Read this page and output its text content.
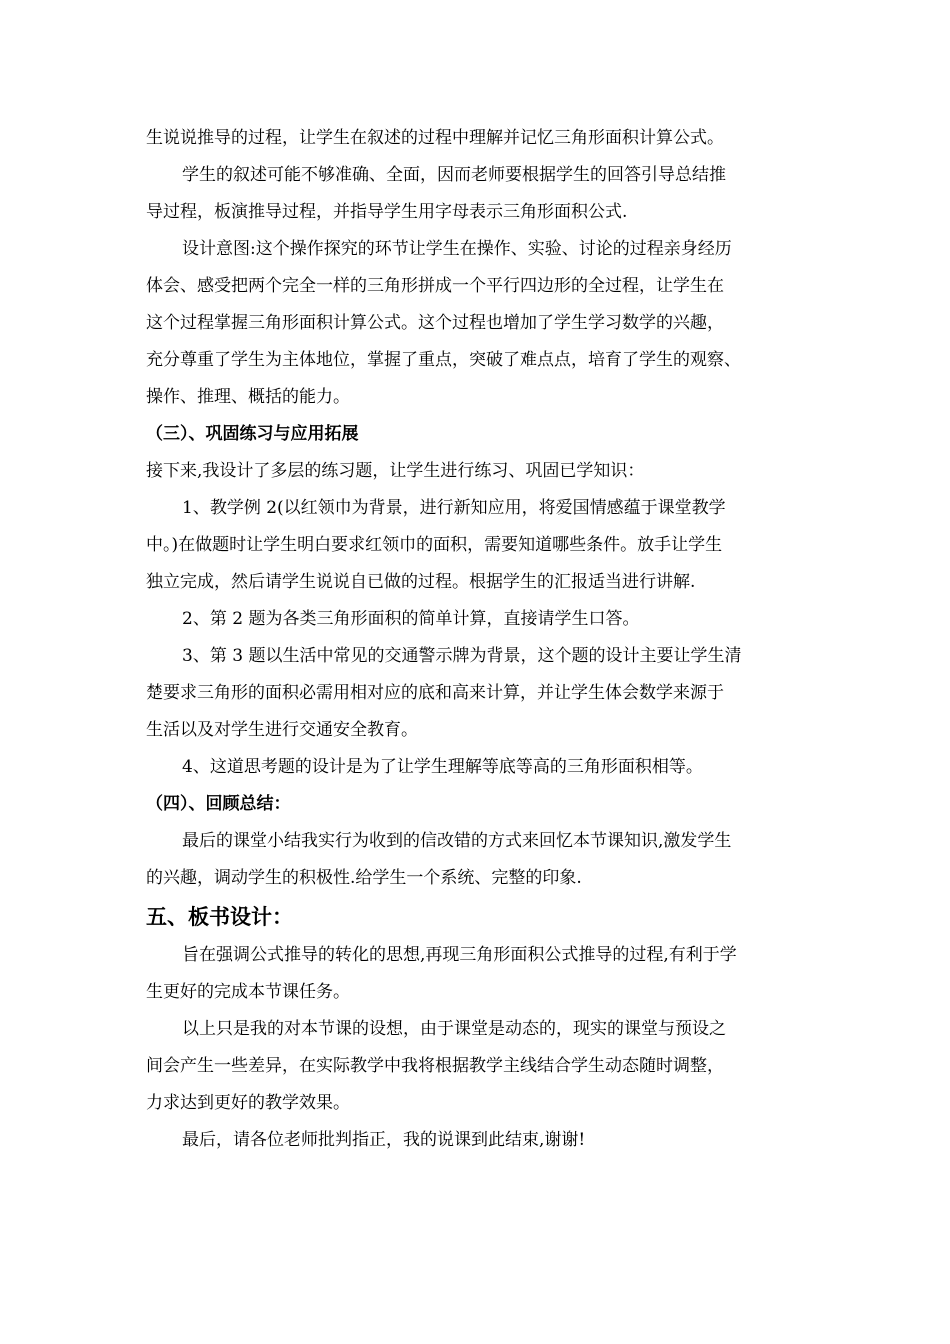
生说说推导的过程，让学生在叙述的过程中理解并记忆三角形面积计算公式。
学生的叙述可能不够准确、全面，因而老师要根据学生的回答引导总结推
导过程，板演推导过程，并指导学生用字母表示三角形面积公式.
设计意图:这个操作探究的环节让学生在操作、实验、讨论的过程亲身经历
体会、感受把两个完全一样的三角形拼成一个平行四边形的全过程，让学生在
这个过程掌握三角形面积计算公式。这个过程也增加了学生学习数学的兴趣，
充分尊重了学生为主体地位，掌握了重点，突破了难点点，培育了学生的观察、
操作、推理、概括的能力。
（三）、巩固练习与应用拓展
接下来,我设计了多层的练习题，让学生进行练习、巩固已学知识：
1、教学例 2(以红领巾为背景，进行新知应用，将爱国情感蕴于课堂教学
中。)在做题时让学生明白要求红领巾的面积，需要知道哪些条件。放手让学生
独立完成，然后请学生说说自已做的过程。根据学生的汇报适当进行讲解.
2、第 2 题为各类三角形面积的简单计算，直接请学生口答。
3、第 3 题以生活中常见的交通警示牌为背景，这个题的设计主要让学生清
楚要求三角形的面积必需用相对应的底和高来计算，并让学生体会数学来源于
生活以及对学生进行交通安全教育。
4、这道思考题的设计是为了让学生理解等底等高的三角形面积相等。
（四）、回顾总结：
最后的课堂小结我实行为收到的信改错的方式来回忆本节课知识,激发学生
的兴趣，调动学生的积极性.给学生一个系统、完整的印象.
五、板书设计：
旨在强调公式推导的转化的思想,再现三角形面积公式推导的过程,有利于学
生更好的完成本节课任务。
以上只是我的对本节课的设想，由于课堂是动态的，现实的课堂与预设之
间会产生一些差异，在实际教学中我将根据教学主线结合学生动态随时调整，
力求达到更好的教学效果。
最后，请各位老师批判指正，我的说课到此结束,谢谢!
